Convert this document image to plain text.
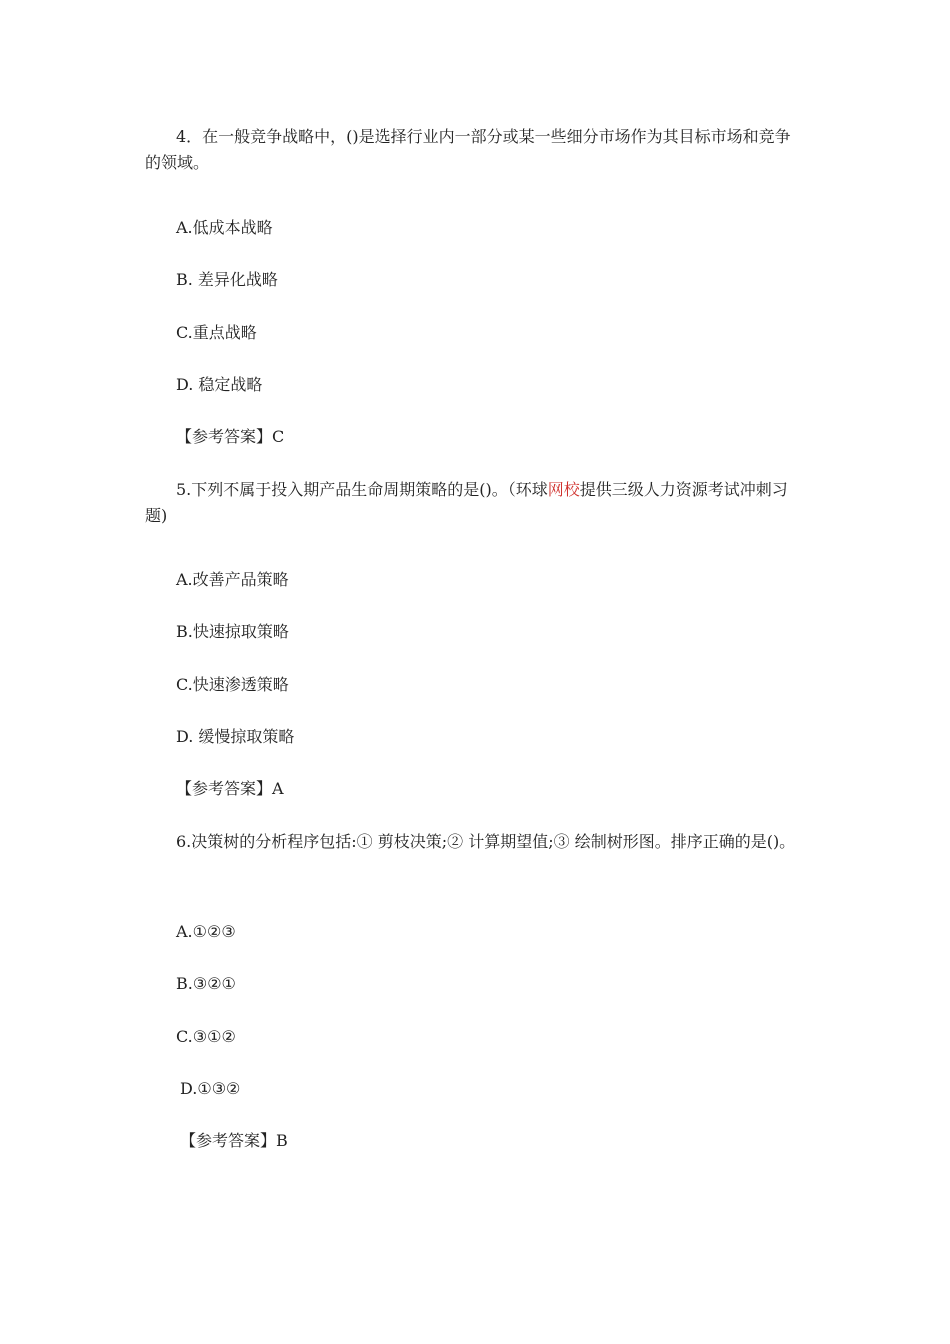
4．在一般竞争战略中，()是选择行业内一部分或某一些细分市场作为其目标市场和竞争的领域。
A.低成本战略
B. 差异化战略
C.重点战略
D. 稳定战略
【参考答案】C
5.下列不属于投入期产品生命周期策略的是()。（环球网校提供三级人力资源考试冲刺习题)
A.改善产品策略
B.快速掠取策略
C.快速渗透策略
D. 缓慢掠取策略
【参考答案】A
6.决策树的分析程序包括:① 剪枝决策;② 计算期望值;③ 绘制树形图。排序正确的是()。
A.①②③
B.③②①
C.③①②
D.①③②
【参考答案】B
